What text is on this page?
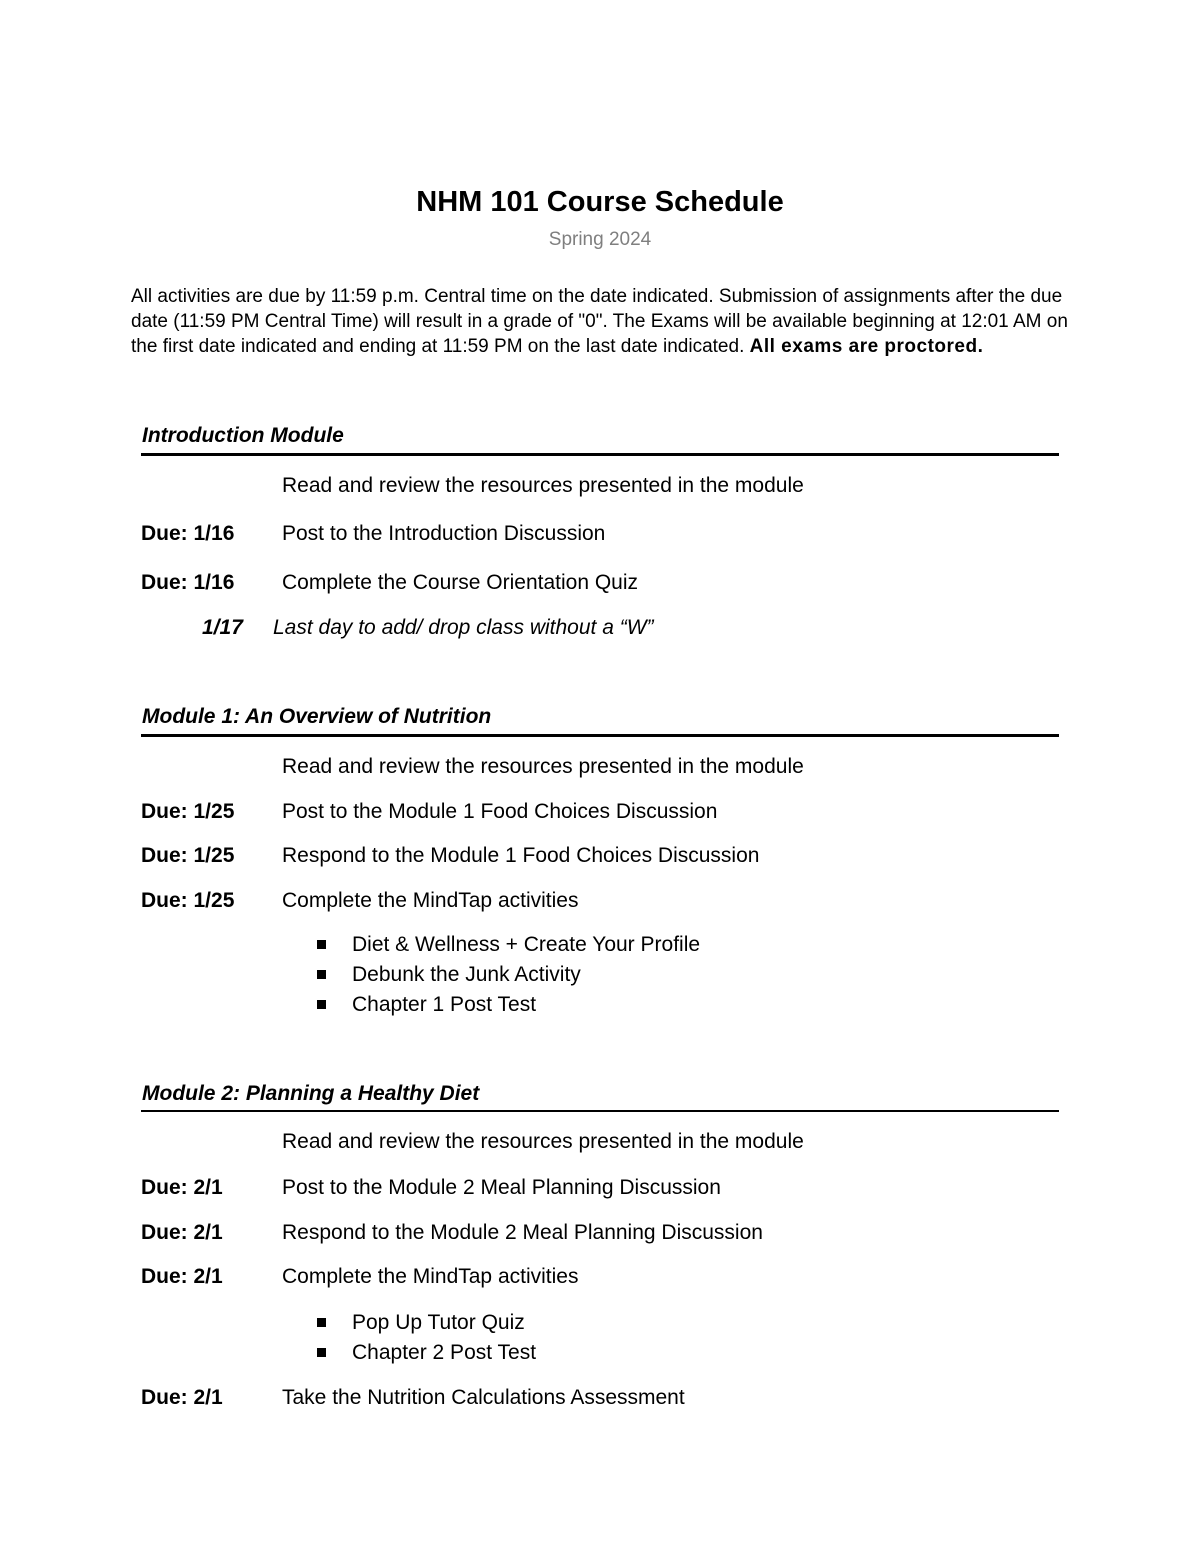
NHM 101 Course Schedule
Spring 2024
All activities are due by 11:59 p.m. Central time on the date indicated. Submission of assignments after the due date (11:59 PM Central Time) will result in a grade of "0". The Exams will be available beginning at 12:01 AM on the first date indicated and ending at 11:59 PM on the last date indicated. All exams are proctored.
Introduction Module
Read and review the resources presented in the module
Due: 1/16 Post to the Introduction Discussion
Due: 1/16 Complete the Course Orientation Quiz
1/17 Last day to add/ drop class without a “W”
Module 1: An Overview of Nutrition
Read and review the resources presented in the module
Due: 1/25 Post to the Module 1 Food Choices Discussion
Due: 1/25 Respond to the Module 1 Food Choices Discussion
Due: 1/25 Complete the MindTap activities
Diet & Wellness + Create Your Profile
Debunk the Junk Activity
Chapter 1 Post Test
Module 2: Planning a Healthy Diet
Read and review the resources presented in the module
Due: 2/1	Post to the Module 2 Meal Planning Discussion
Due: 2/1	Respond to the Module 2 Meal Planning Discussion
Due: 2/1	Complete the MindTap activities
Pop Up Tutor Quiz
Chapter 2 Post Test
Due: 2/1	Take the Nutrition Calculations Assessment
